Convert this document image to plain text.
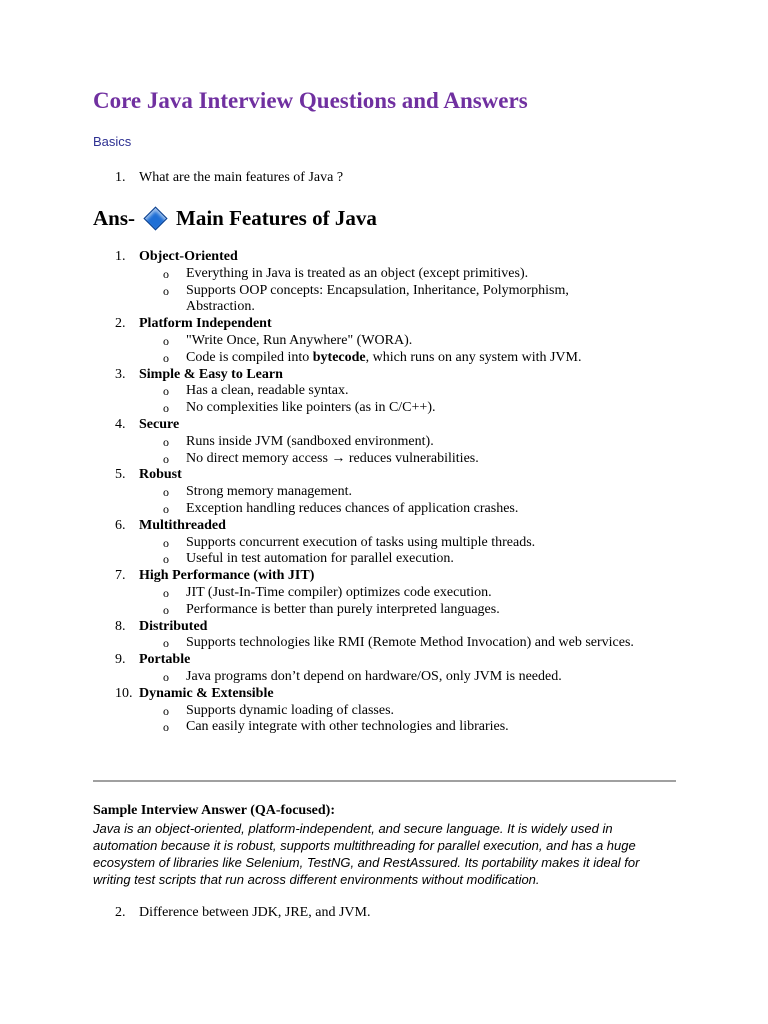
Core Java Interview Questions and Answers
Basics
1. What are the main features of Java ?
Ans- Main Features of Java
1. Object-Oriented
o	Everything in Java is treated as an object (except primitives).
o	Supports OOP concepts: Encapsulation, Inheritance, Polymorphism, Abstraction.
2. Platform Independent
o	"Write Once, Run Anywhere" (WORA).
o	Code is compiled into bytecode, which runs on any system with JVM.
3. Simple & Easy to Learn
o	Has a clean, readable syntax.
o	No complexities like pointers (as in C/C++).
4. Secure
o	Runs inside JVM (sandboxed environment).
o	No direct memory access → reduces vulnerabilities.
5. Robust
o	Strong memory management.
o	Exception handling reduces chances of application crashes.
6. Multithreaded
o	Supports concurrent execution of tasks using multiple threads.
o	Useful in test automation for parallel execution.
7. High Performance (with JIT)
o	JIT (Just-In-Time compiler) optimizes code execution.
o	Performance is better than purely interpreted languages.
8. Distributed
o	Supports technologies like RMI (Remote Method Invocation) and web services.
9. Portable
o	Java programs don’t depend on hardware/OS, only JVM is needed.
10. Dynamic & Extensible
o	Supports dynamic loading of classes.
o	Can easily integrate with other technologies and libraries.
Sample Interview Answer (QA-focused):
Java is an object-oriented, platform-independent, and secure language. It is widely used in automation because it is robust, supports multithreading for parallel execution, and has a huge ecosystem of libraries like Selenium, TestNG, and RestAssured. Its portability makes it ideal for writing test scripts that run across different environments without modification.
2. Difference between JDK, JRE, and JVM.
